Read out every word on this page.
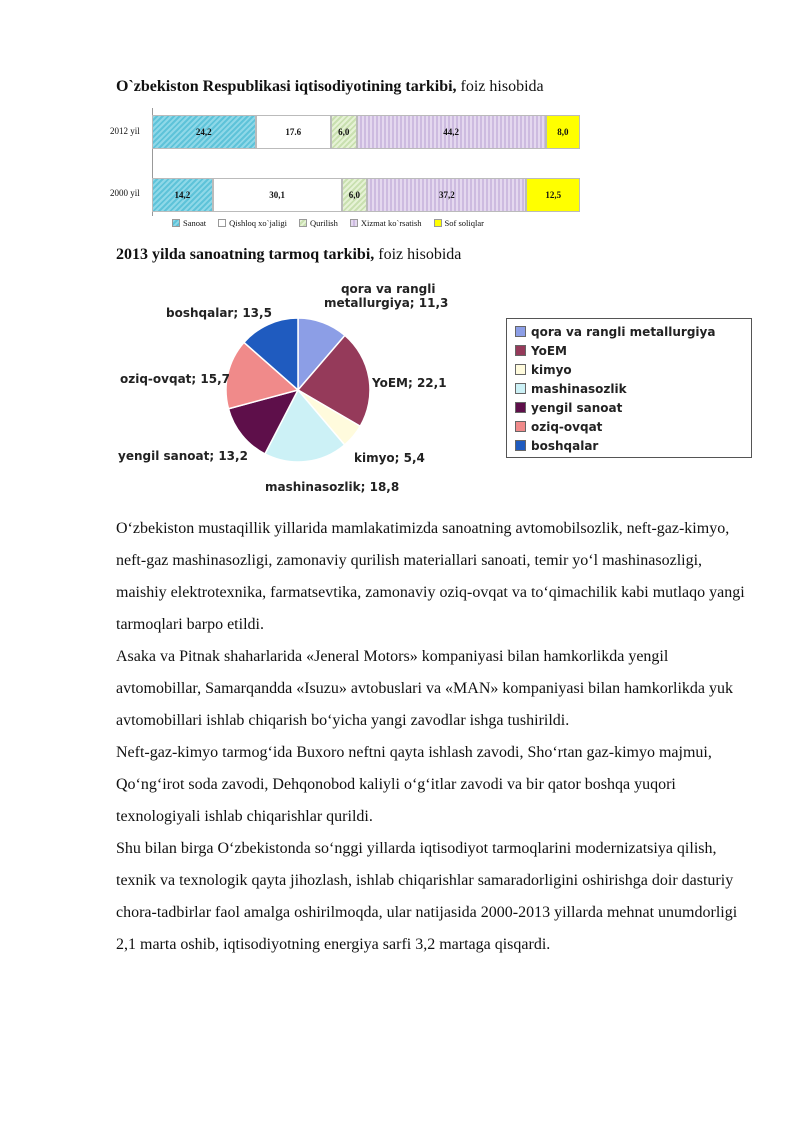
O`zbekiston Respublikasi iqtisodiyotining tarkibi, foiz hisobida
2012 yil	24,2	17.6	6,0	44,2	8,0
2000 yil	14,2	30,1	6,0	37,2	12,5
Sanoat	Qishloq xo`jaligi	Qurilish	Xizmat ko`rsatish	Sof soliqlar
2013 yilda sanoatning tarmoq tarkibi, foiz hisobida
qora va rangli
metallurgiya; 11,3
YoEM; 22,1
kimyo; 5,4
mashinasozlik; 18,8
yengil sanoat; 13,2
oziq-ovqat; 15,7
boshqalar; 13,5
qora va rangli metallurgiya
YoEM
kimyo
mashinasozlik
yengil sanoat
oziq-ovqat
boshqalar

O‘zbekiston mustaqillik yillarida mamlakatimizda sanoatning avtomobilsozlik, neft-gaz-kimyo, neft-gaz mashinasozligi, zamonaviy qurilish materiallari sanoati, temir yo‘l mashinasozligi, maishiy elektrotexnika, farmatsevtika, zamonaviy oziq-ovqat va to‘qimachilik kabi mutlaqo yangi tarmoqlari barpo etildi.

Asaka va Pitnak shaharlarida «Jeneral Motors» kompaniyasi bilan hamkorlikda yengil avtomobillar, Samarqandda «Isuzu» avtobuslari va «MAN» kompaniyasi bilan hamkorlikda yuk avtomobillari ishlab chiqarish bo‘yicha yangi zavodlar ishga tushirildi.

Neft-gaz-kimyo tarmog‘ida Buxoro neftni qayta ishlash zavodi, Sho‘rtan gaz-kimyo majmui, Qo‘ng‘irot soda zavodi, Dehqonobod kaliyli o‘g‘itlar zavodi va bir qator boshqa yuqori texnologiyali ishlab chiqarishlar qurildi.

Shu bilan birga O‘zbekistonda so‘nggi yillarda iqtisodiyot tarmoqlarini modernizatsiya qilish, texnik va texnologik qayta jihozlash, ishlab chiqarishlar samaradorligini oshirishga doir dasturiy chora-tadbirlar faol amalga oshirilmoqda, ular natijasida 2000-2013 yillarda mehnat unumdorligi 2,1 marta oshib, iqtisodiyotning energiya sarfi 3,2 martaga qisqardi.
